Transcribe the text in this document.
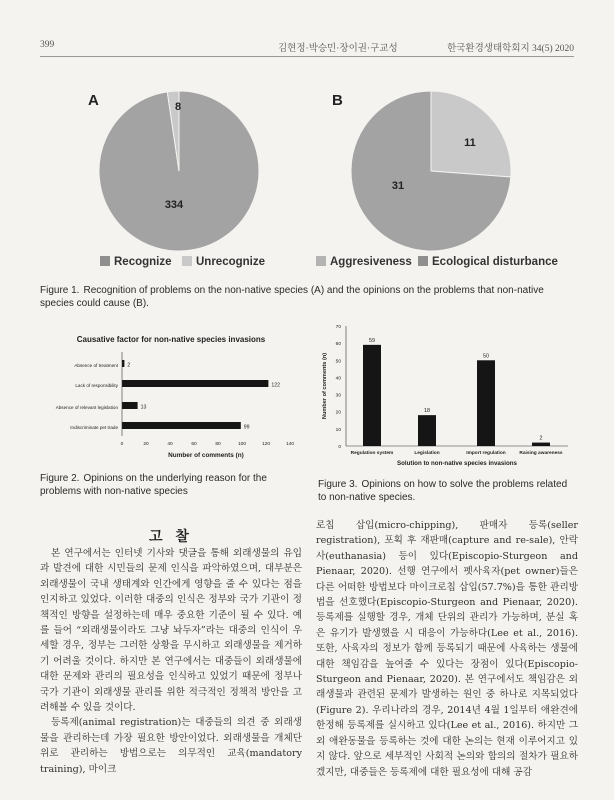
399	김현정·박승민·장이권·구교성	한국환경생태학회지 34(5) 2020
A	B
334
8
11
31
Recognize	Unrecognize	Aggresiveness	Ecological disturbance
Figure 1. Recognition of problems on the non-native species (A) and the opinions on the problems that non-native species could cause (B).
Causative factor for non-native species invasions
Absence of treatment 2
Lack of responsibility	122
Absence of relevant legislation	13
Indiscriminate pet trade	99
0	20	40	60	80	100	120	140
Number of comments (n)
Figure 2. Opinions on the underlying reason for the problems with non-native species
0
10
20
30
40
50
60
70
Number of comments (n)
59
Regulation system
18
Legislation
50
Import regulation
2
Raising awareness
Solution to non-native species invasions
Figure 3. Opinions on how to solve the problems related to non-native species.
고 찰

본 연구에서는 인터넷 기사와 댓글을 통해 외래생물의 유입과 발견에 대한 시민들의 문제 인식을 파악하였으며, 대부분은 외래생물이 국내 생태계와 인간에게 영향을 줄 수 있다는 점을 인지하고 있었다. 이러한 대중의 인식은 정부와 국가 기관이 정책적인 방향을 설정하는데 매우 중요한 기준이 될 수 있다. 예를 들어 “외래생물이라도 그냥 놔두자”라는 대중의 인식이 우세할 경우, 정부는 그러한 상황을 무시하고 외래생물을 제거하기 어려울 것이다. 하지만 본 연구에서는 대중들이 외래생물에 대한 문제와 관리의 필요성을 인식하고 있었기 때문에 정부나 국가 기관이 외래생물 관리를 위한 적극적인 정책적 방안을 고려해볼 수 있을 것이다.

등록제(animal registration)는 대중들의 의견 중 외래생물을 관리하는데 가장 필요한 방안이었다. 외래생물을 개체단위로 관리하는 방법으로는 의무적인 교육(mandatory training), 마이크

로칩 삽입(micro-chipping), 판매자 등록(seller registration), 포획 후 재판매(capture and re-sale), 안락사(euthanasia) 등이 있다(Episcopio-Sturgeon and Pienaar, 2020). 선행 연구에서 펫사육자(pet owner)들은 다른 어떠한 방법보다 마이크로칩 삽입(57.7%)을 통한 관리방법을 선호했다(Episcopio-Sturgeon and Pienaar, 2020). 등록제를 실행할 경우, 개체 단위의 관리가 가능하며, 분실 혹은 유기가 발생했을 시 대응이 가능하다(Lee et al., 2016). 또한, 사육자의 정보가 함께 등록되기 때문에 사육하는 생물에 대한 책임감을 높여줄 수 있다는 장점이 있다(Episcopio-Sturgeon and Pienaar, 2020). 본 연구에서도 책임감은 외래생물과 관련된 문제가 발생하는 원인 중 하나로 지목되었다(Figure 2). 우리나라의 경우, 2014년 4월 1일부터 애완견에 한정해 등록제를 실시하고 있다(Lee et al., 2016). 하지만 그 외 애완동물을 등록하는 것에 대한 논의는 현재 이루어지고 있지 않다. 앞으로 세부적인 사회적 논의와 합의의 절차가 필요하겠지만, 대중들은 등록제에 대한 필요성에 대해 공감
